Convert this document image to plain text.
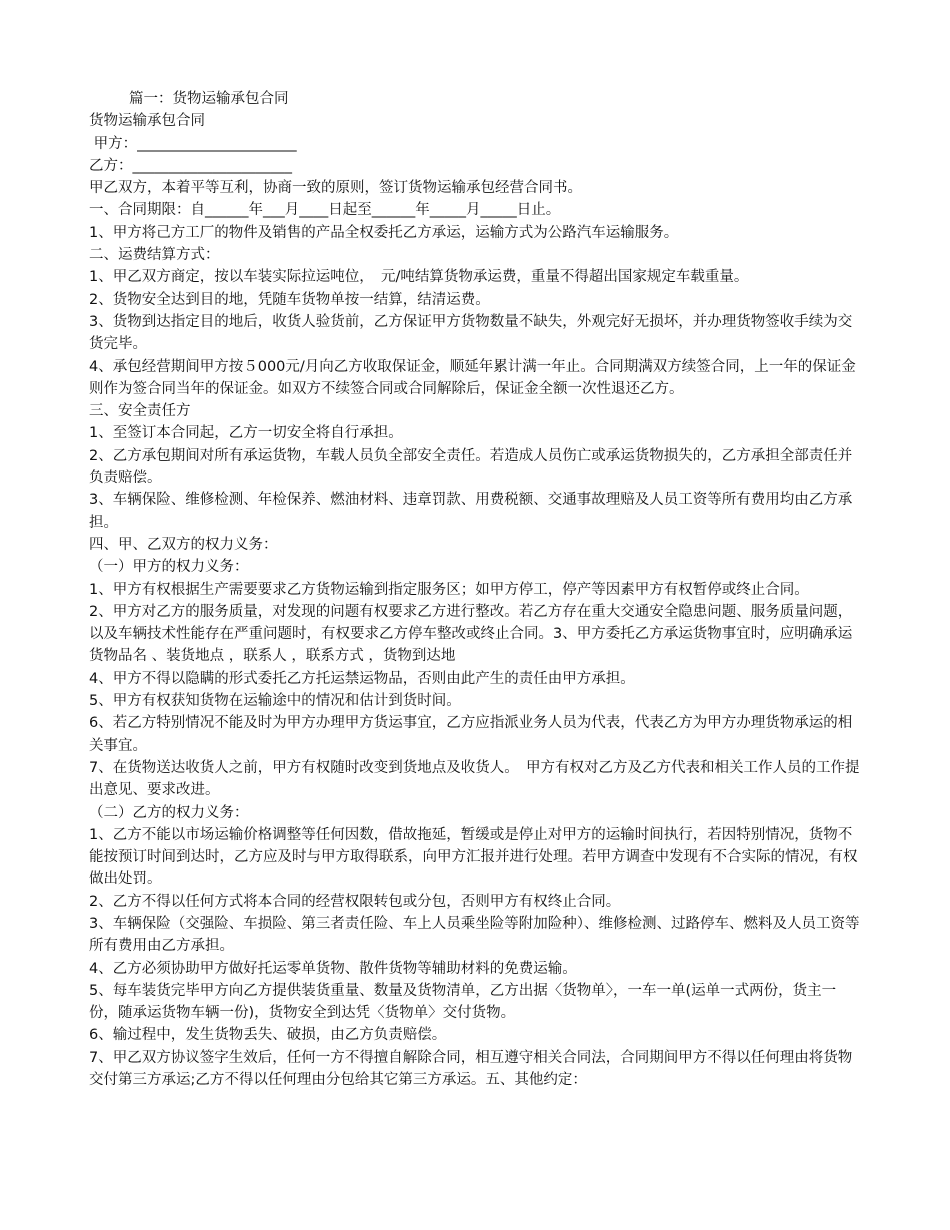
篇一：货物运输承包合同

货物运输承包合同

甲方：______________________

乙方：______________________

甲乙双方，本着平等互利，协商一致的原则，签订货物运输承包经营合同书。

一、合同期限：自______年___月____日起至______年_____月_____日止。

1、甲方将己方工厂的物件及销售的产品全权委托乙方承运，运输方式为公路汽车运输服务。

二、运费结算方式：

1、甲乙双方商定，按以车装实际拉运吨位，　元/吨结算货物承运费，重量不得超出国家规定车载重量。

2、货物安全达到目的地，凭随车货物单按一结算，结清运费。

3、货物到达指定目的地后，收货人验货前，乙方保证甲方货物数量不缺失，外观完好无损坏，并办理货物签收手续为交货完毕。

4、承包经营期间甲方按５000元/月向乙方收取保证金，顺延年累计满一年止。合同期满双方续签合同，上一年的保证金则作为签合同当年的保证金。如双方不续签合同或合同解除后，保证金全额一次性退还乙方。

三、安全责任方

1、至签订本合同起，乙方一切安全将自行承担。

2、乙方承包期间对所有承运货物，车载人员负全部安全责任。若造成人员伤亡或承运货物损失的，乙方承担全部责任并负责赔偿。

3、车辆保险、维修检测、年检保养、燃油材料、违章罚款、用费税额、交通事故理赔及人员工资等所有费用均由乙方承担。

四、甲、乙双方的权力义务：

（一）甲方的权力义务：

1、甲方有权根据生产需要要求乙方货物运输到指定服务区；如甲方停工，停产等因素甲方有权暂停或终止合同。

2、甲方对乙方的服务质量，对发现的问题有权要求乙方进行整改。若乙方存在重大交通安全隐患问题、服务质量问题，以及车辆技术性能存在严重问题时，有权要求乙方停车整改或终止合同。3、甲方委托乙方承运货物事宜时，应明确承运货物品名 、装货地点 ，联系人 ，联系方式 ，货物到达地

4、甲方不得以隐瞒的形式委托乙方托运禁运物品，否则由此产生的责任由甲方承担。

5、甲方有权获知货物在运输途中的情况和估计到货时间。

6、若乙方特别情况不能及时为甲方办理甲方货运事宜，乙方应指派业务人员为代表，代表乙方为甲方办理货物承运的相关事宜。

7、在货物送达收货人之前，甲方有权随时改变到货地点及收货人。　甲方有权对乙方及乙方代表和相关工作人员的工作提出意见、要求改进。

（二）乙方的权力义务：

1、乙方不能以市场运输价格调整等任何因数，借故拖延，暂缓或是停止对甲方的运输时间执行，若因特别情况，货物不能按预订时间到达时，乙方应及时与甲方取得联系，向甲方汇报并进行处理。若甲方调查中发现有不合实际的情况，有权做出处罚。

2、乙方不得以任何方式将本合同的经营权限转包或分包，否则甲方有权终止合同。

3、车辆保险（交强险、车损险、第三者责任险、车上人员乘坐险等附加险种）、维修检测、过路停车、燃料及人员工资等所有费用由乙方承担。

4、乙方必须协助甲方做好托运零单货物、散件货物等辅助材料的免费运输。

5、每车装货完毕甲方向乙方提供装货重量、数量及货物清单，乙方出据〈货物单〉，一车一单(运单一式两份，货主一份，随承运货物车辆一份)，货物安全到达凭〈货物单〉交付货物。

6、输过程中，发生货物丢失、破损，由乙方负责赔偿。

7、甲乙双方协议签字生效后，任何一方不得擅自解除合同，相互遵守相关合同法，合同期间甲方不得以任何理由将货物交付第三方承运;乙方不得以任何理由分包给其它第三方承运。五、其他约定：
